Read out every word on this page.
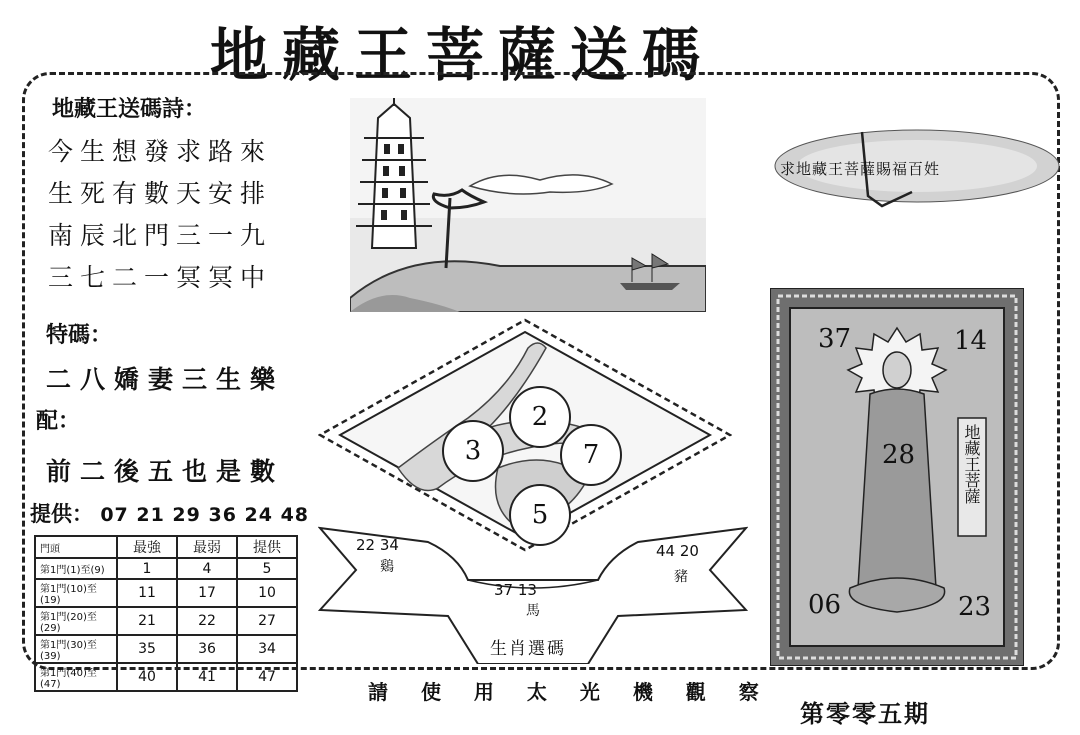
地藏王菩薩送碼
地藏王送碼詩：
今生想發求路來
生死有數天安排
南辰北門三一九
三七二一冥冥中
特碼：
二八嬌妻三生樂
配：
前二後五也是數
提供： 07 21 29 36 24 48
門頭	最強	最弱	提供
第1門(1)至(9)	1	4	5
第1門(10)至(19)	11	17	10
第1門(20)至(29)	21	22	27
第1門(30)至(39)	35	36	34
第1門(40)至(47)	40	41	47
2
3	7
5
22 34
鷄
44 20
豬
37 13
馬
生肖選碼
求地藏王菩薩賜福百姓
37	14
28
06	23
地藏王菩薩
請 使 用 太 光 機 觀 察
第零零五期
